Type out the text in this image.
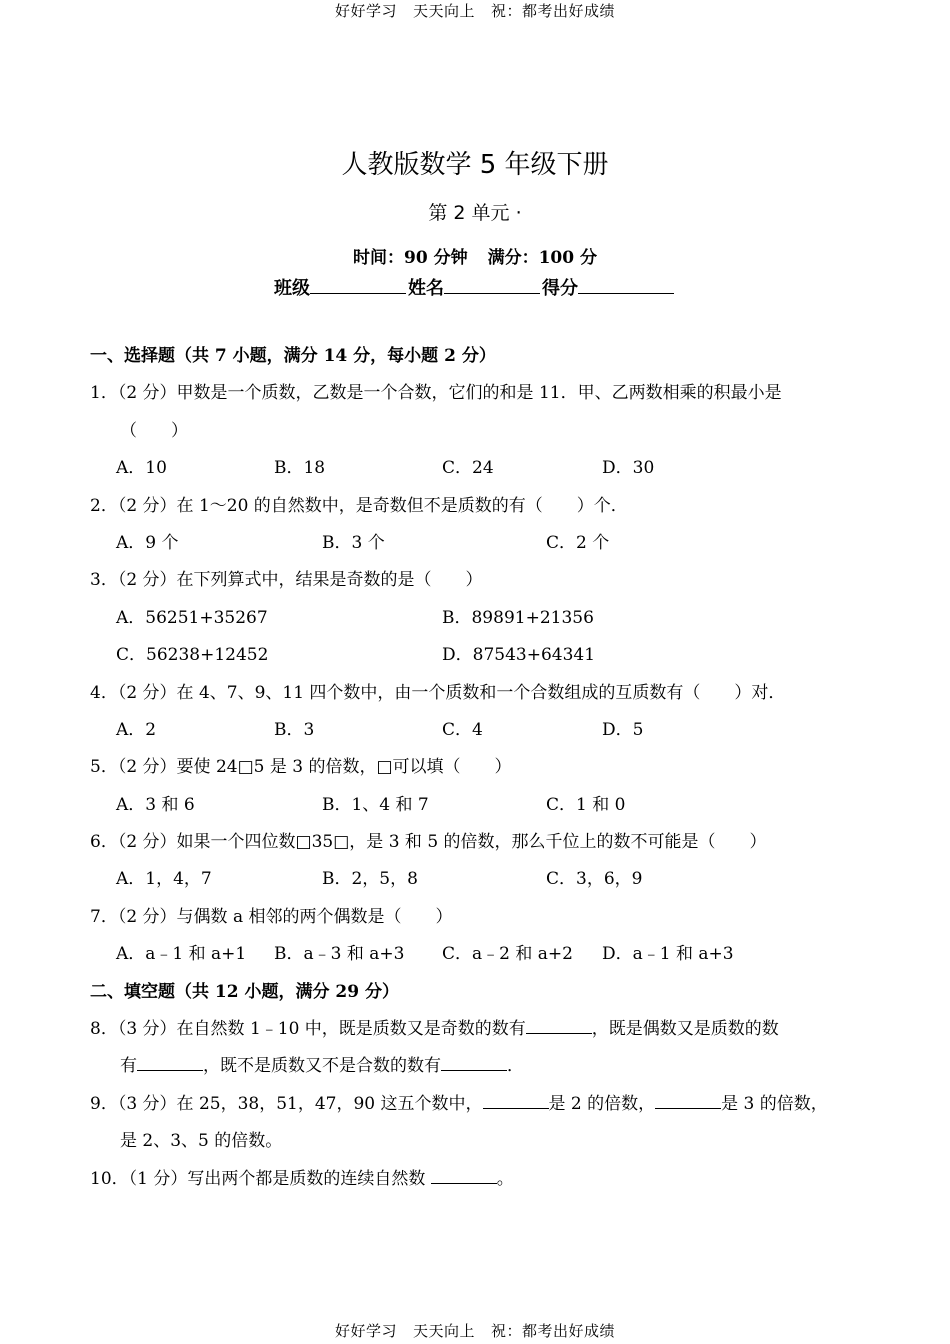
好好学习 天天向上 祝：都考出好成绩
人教版数学 5 年级下册
第 2 单元 ·
时间：90 分钟 满分：100 分
班级	姓名	得分
一、选择题（共 7 小题，满分 14 分，每小题 2 分）
1．（2 分）甲数是一个质数，乙数是一个合数，它们的和是 11．甲、乙两数相乘的积最小是
（　　）
A．10	B．18	C．24	D．30
2．（2 分）在 1～20 的自然数中，是奇数但不是质数的有（　　）个．
A．9 个	B．3 个	C．2 个
3．（2 分）在下列算式中，结果是奇数的是（　　）
A．56251+35267	B．89891+21356
C．56238+12452	D．87543+64341
4．（2 分）在 4、7、9、11 四个数中，由一个质数和一个合数组成的互质数有（　　）对．
A．2	B．3	C．4	D．5
5．（2 分）要使 24□5 是 3 的倍数，□可以填（　　）
A．3 和 6	B．1、4 和 7	C．1 和 0
6．（2 分）如果一个四位数□35□，是 3 和 5 的倍数，那么千位上的数不可能是（　　）
A．1，4，7	B．2，5，8	C．3，6，9
7．（2 分）与偶数 a 相邻的两个偶数是（　　）
A．a﹣1 和 a+1	B．a﹣3 和 a+3	C．a﹣2 和 a+2	D．a﹣1 和 a+3
二、填空题（共 12 小题，满分 29 分）
8．（3 分）在自然数 1﹣10 中，既是质数又是奇数的数有	，既是偶数又是质数的数
有	，既不是质数又不是合数的数有	．
9．（3 分）在 25，38，51，47，90 这五个数中，	是 2 的倍数，	是 3 的倍数，
是 2、3、5 的倍数。
10．（1 分）写出两个都是质数的连续自然数	。
好好学习 天天向上 祝：都考出好成绩
